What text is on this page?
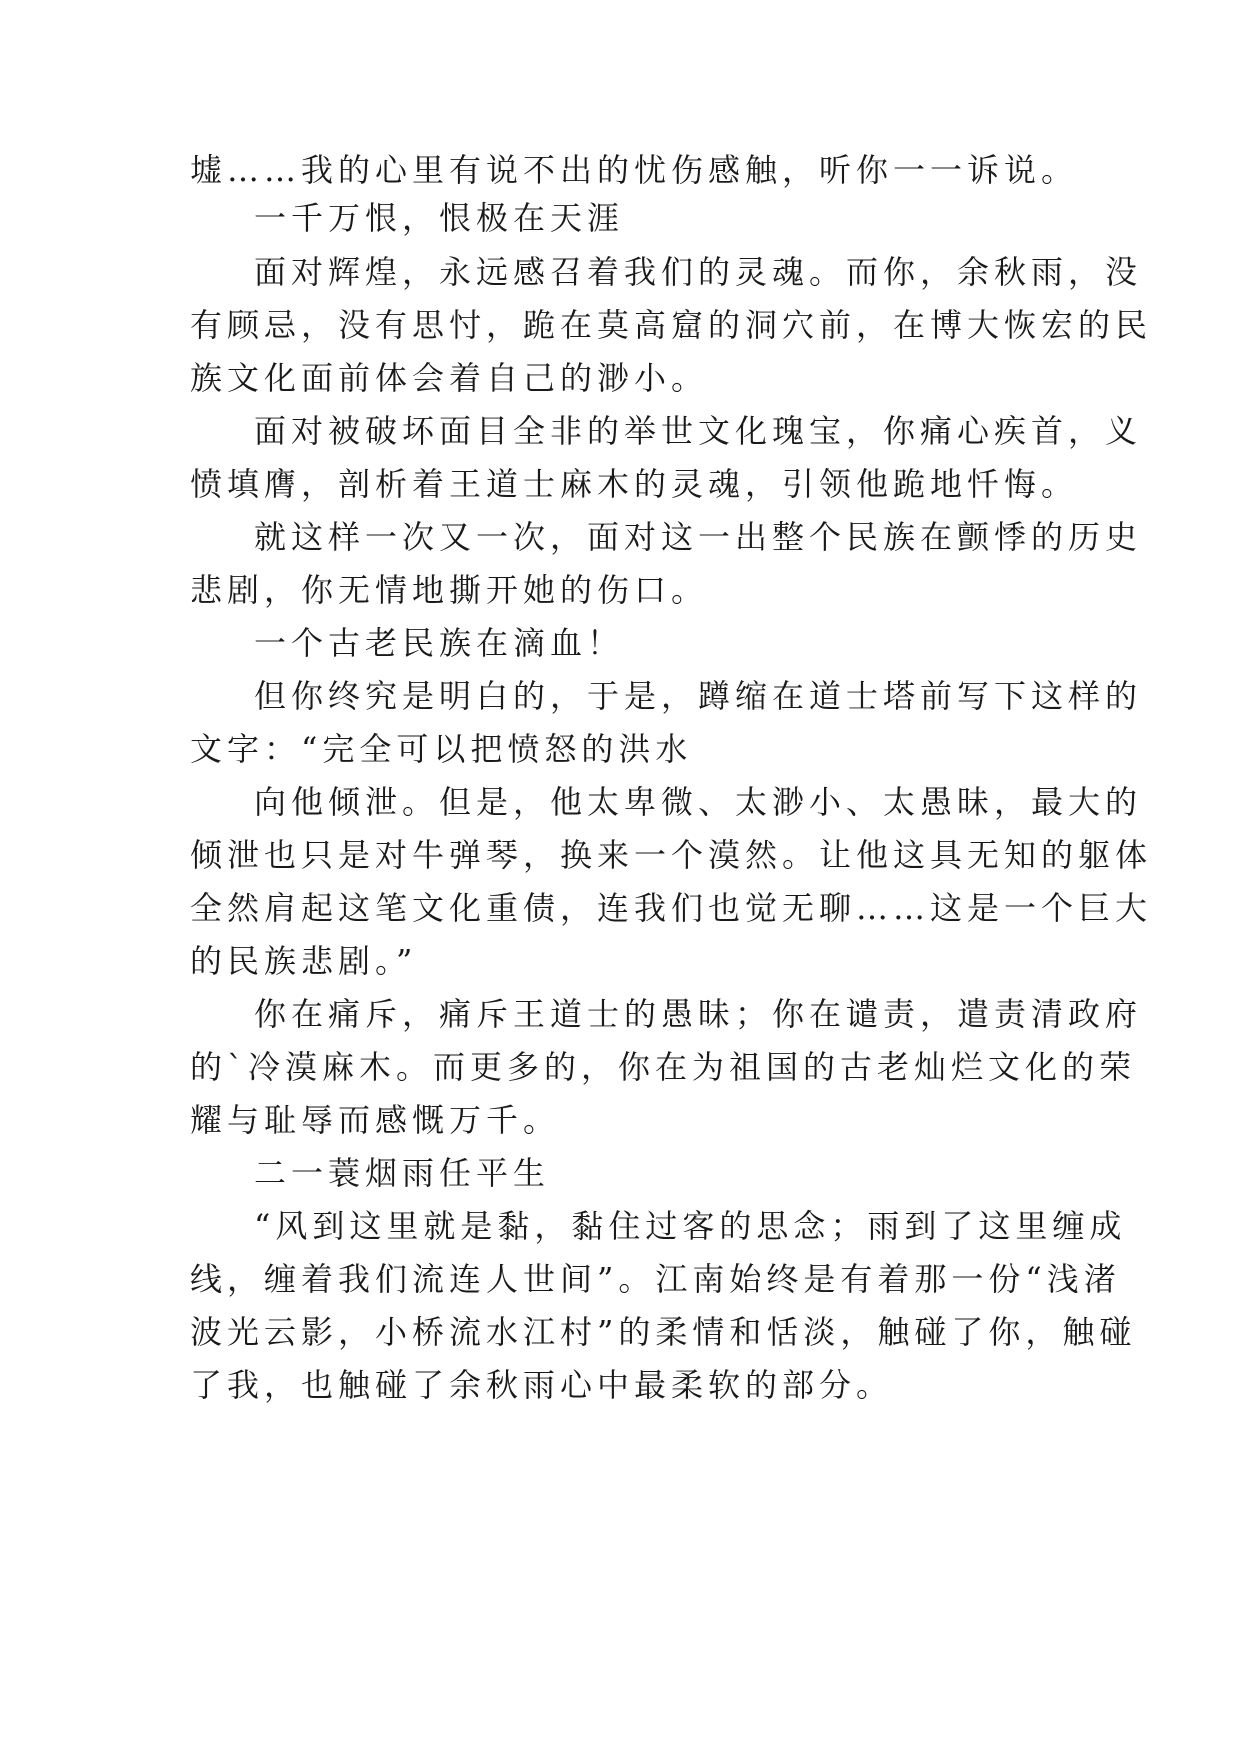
墟……我的心里有说不出的忧伤感触，听你一一诉说。

一千万恨，恨极在天涯

面对辉煌，永远感召着我们的灵魂。而你，余秋雨，没

有顾忌，没有思忖，跪在莫高窟的洞穴前，在博大恢宏的民

族文化面前体会着自己的渺小。

面对被破坏面目全非的举世文化瑰宝，你痛心疾首，义

愤填膺，剖析着王道士麻木的灵魂，引领他跪地忏悔。

就这样一次又一次，面对这一出整个民族在颤悸的历史

悲剧，你无情地撕开她的伤口。

一个古老民族在滴血！

但你终究是明白的，于是，蹲缩在道士塔前写下这样的

文字：“完全可以把愤怒的洪水

向他倾泄。但是，他太卑微、太渺小、太愚昧，最大的

倾泄也只是对牛弹琴，换来一个漠然。让他这具无知的躯体

全然肩起这笔文化重债，连我们也觉无聊……这是一个巨大

的民族悲剧。”

你在痛斥，痛斥王道士的愚昧；你在谴责，遣责清政府

的`冷漠麻木。而更多的，你在为祖国的古老灿烂文化的荣

耀与耻辱而感慨万千。

二一蓑烟雨任平生

“风到这里就是黏，黏住过客的思念；雨到了这里缠成

线，缠着我们流连人世间”。江南始终是有着那一份“浅渚

波光云影，小桥流水江村”的柔情和恬淡，触碰了你，触碰

了我，也触碰了余秋雨心中最柔软的部分。
